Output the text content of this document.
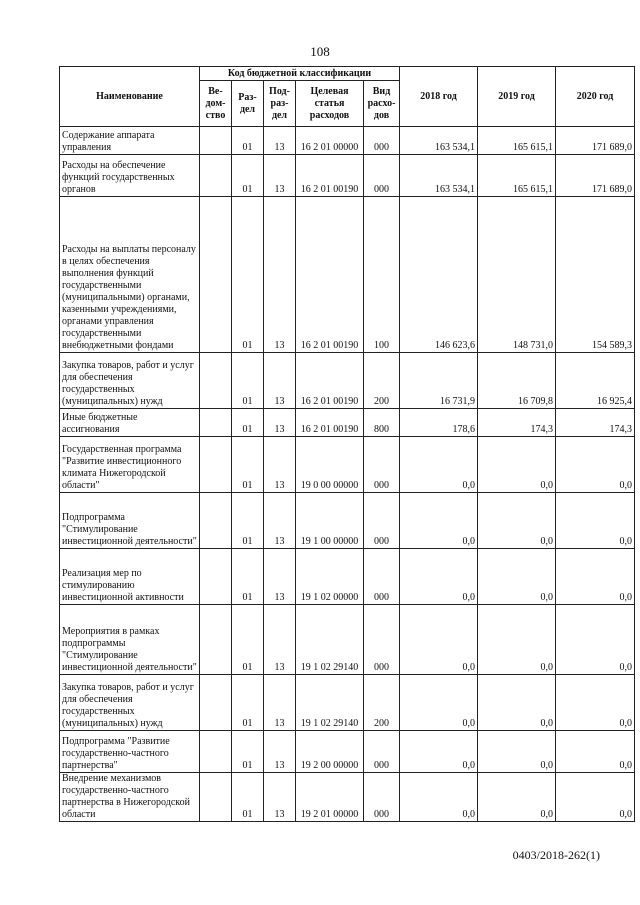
108
Наименование	Код бюджетной классификации					2018 год	2019 год	2020 год
	Ве-дом-ство	Раз-дел	Под-раз-дел	Целевая статья расходов	Вид расхо-дов			
Содержание аппарата управления		01	13	16 2 01 00000	000	163 534,1	165 615,1	171 689,0
Расходы на обеспечение функций государственных органов		01	13	16 2 01 00190	000	163 534,1	165 615,1	171 689,0
Расходы на выплаты персоналу в целях обеспечения выполнения функций государственными (муниципальными) органами, казенными учреждениями, органами управления государственными внебюджетными фондами		01	13	16 2 01 00190	100	146 623,6	148 731,0	154 589,3
Закупка товаров, работ и услуг для обеспечения государственных (муниципальных) нужд		01	13	16 2 01 00190	200	16 731,9	16 709,8	16 925,4
Иные бюджетные ассигнования		01	13	16 2 01 00190	800	178,6	174,3	174,3
Государственная программа "Развитие инвестиционного климата Нижегородской области"		01	13	19 0 00 00000	000	0,0	0,0	0,0
Подпрограмма "Стимулирование инвестиционной деятельности"		01	13	19 1 00 00000	000	0,0	0,0	0,0
Реализация мер по стимулированию инвестиционной активности		01	13	19 1 02 00000	000	0,0	0,0	0,0
Мероприятия в рамках подпрограммы "Стимулирование инвестиционной деятельности"		01	13	19 1 02 29140	000	0,0	0,0	0,0
Закупка товаров, работ и услуг для обеспечения государственных (муниципальных) нужд		01	13	19 1 02 29140	200	0,0	0,0	0,0
Подпрограмма "Развитие государственно-частного партнерства"		01	13	19 2 00 00000	000	0,0	0,0	0,0
Внедрение механизмов государственно-частного партнерства в Нижегородской области		01	13	19 2 01 00000	000	0,0	0,0	0,0
0403/2018-262(1)
